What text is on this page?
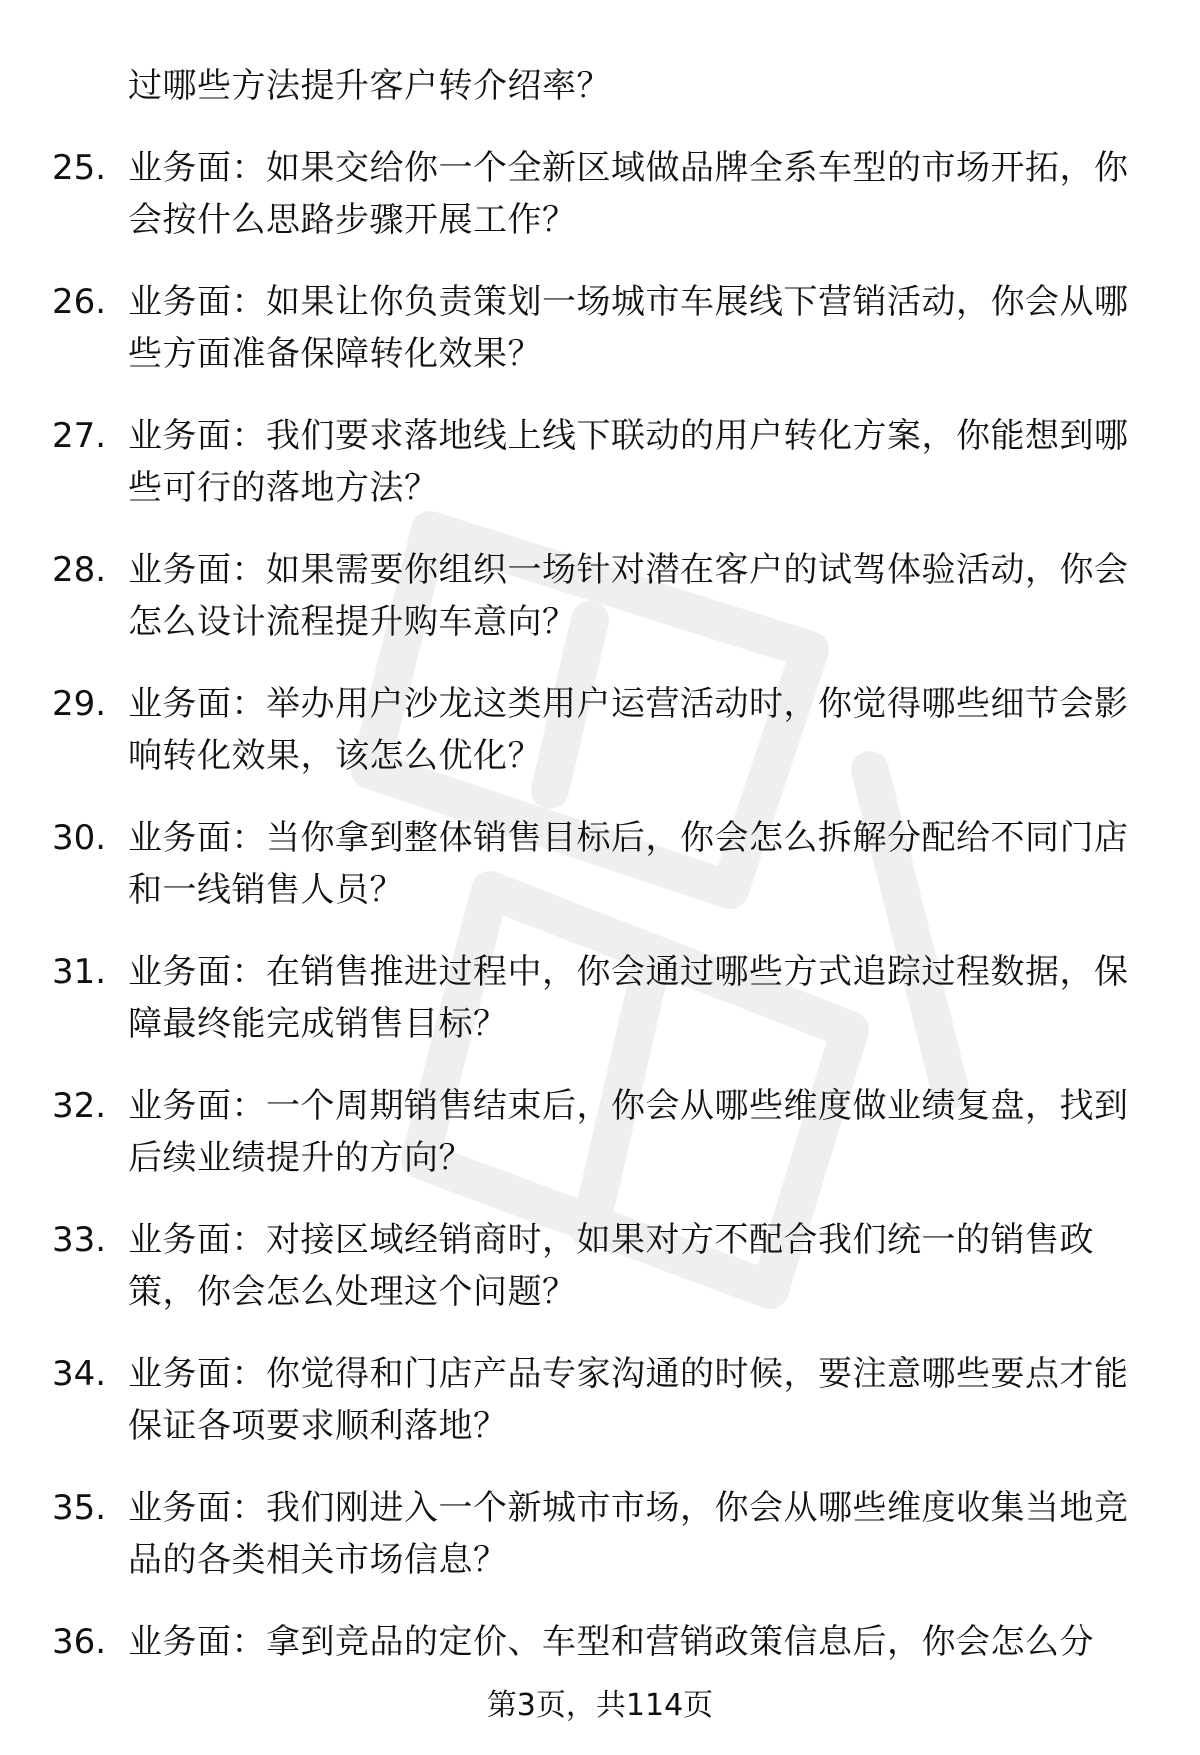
过哪些方法提升客户转介绍率？
25. 业务面：如果交给你一个全新区域做品牌全系车型的市场开拓，你会按什么思路步骤开展工作？
26. 业务面：如果让你负责策划一场城市车展线下营销活动，你会从哪些方面准备保障转化效果？
27. 业务面：我们要求落地线上线下联动的用户转化方案，你能想到哪些可行的落地方法？
28. 业务面：如果需要你组织一场针对潜在客户的试驾体验活动，你会怎么设计流程提升购车意向？
29. 业务面：举办用户沙龙这类用户运营活动时，你觉得哪些细节会影响转化效果，该怎么优化？
30. 业务面：当你拿到整体销售目标后，你会怎么拆解分配给不同门店和一线销售人员？
31. 业务面：在销售推进过程中，你会通过哪些方式追踪过程数据，保障最终能完成销售目标？
32. 业务面：一个周期销售结束后，你会从哪些维度做业绩复盘，找到后续业绩提升的方向？
33. 业务面：对接区域经销商时，如果对方不配合我们统一的销售政策，你会怎么处理这个问题？
34. 业务面：你觉得和门店产品专家沟通的时候，要注意哪些要点才能保证各项要求顺利落地？
35. 业务面：我们刚进入一个新城市市场，你会从哪些维度收集当地竞品的各类相关市场信息？
36. 业务面：拿到竞品的定价、车型和营销政策信息后，你会怎么分
第3页，共114页
